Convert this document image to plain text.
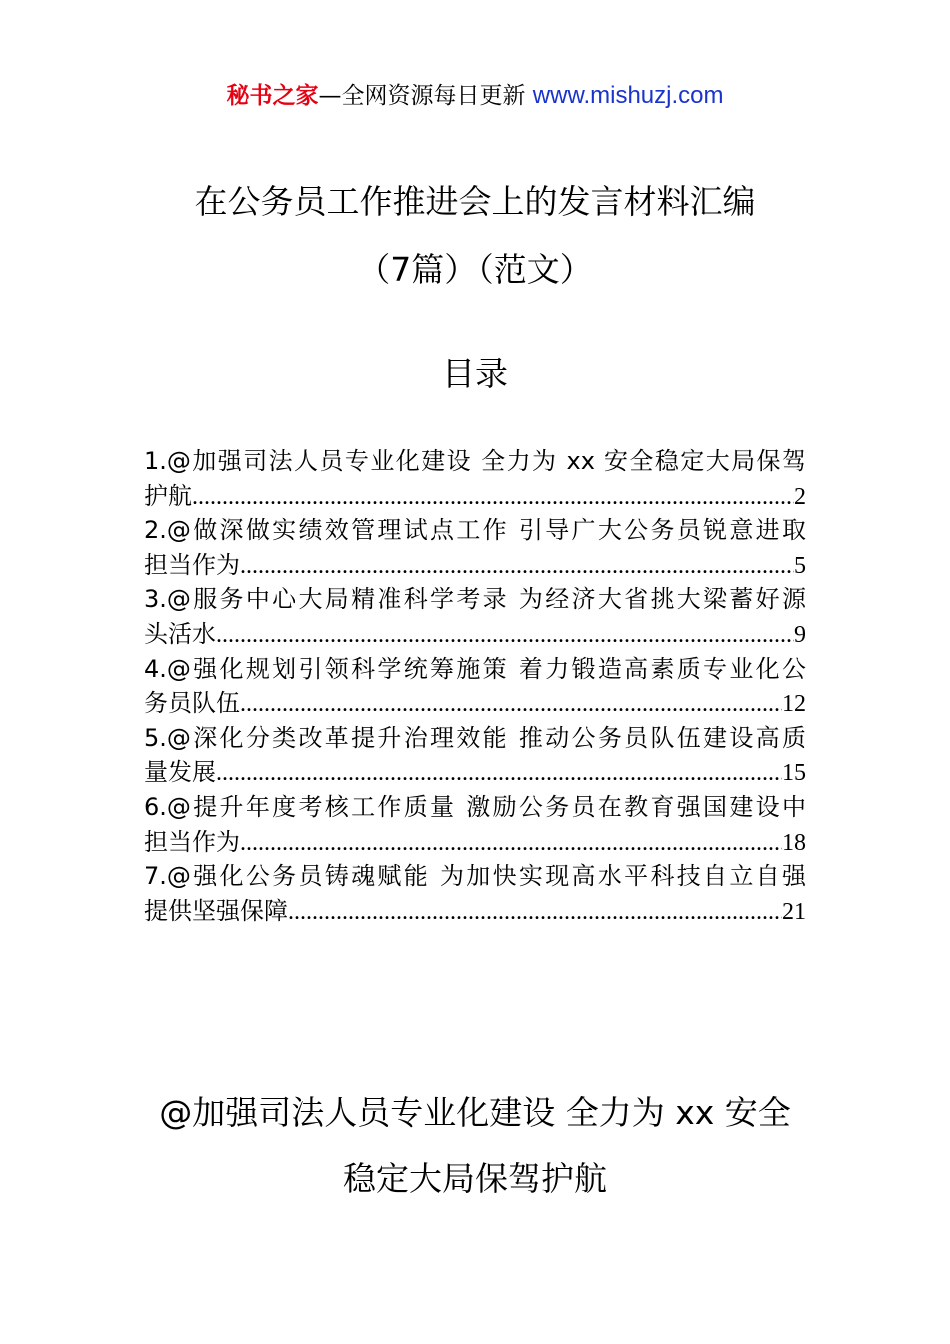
秘书之家—全网资源每日更新 www.mishuzj.com
在公务员工作推进会上的发言材料汇编
（7篇）（范文）
目录
1.@加强司法人员专业化建设 全力为 xx 安全稳定大局保驾
护航 .....	2
2.@做深做实绩效管理试点工作 引导广大公务员锐意进取
担当作为 .....	5
3.@服务中心大局精准科学考录 为经济大省挑大梁蓄好源
头活水 .....	9
4.@强化规划引领科学统筹施策 着力锻造高素质专业化公
务员队伍 .....	12
5.@深化分类改革提升治理效能 推动公务员队伍建设高质
量发展 .....	15
6.@提升年度考核工作质量 激励公务员在教育强国建设中
担当作为 .....	18
7.@强化公务员铸魂赋能 为加快实现高水平科技自立自强
提供坚强保障 .....	21
@加强司法人员专业化建设 全力为 xx 安全
稳定大局保驾护航
